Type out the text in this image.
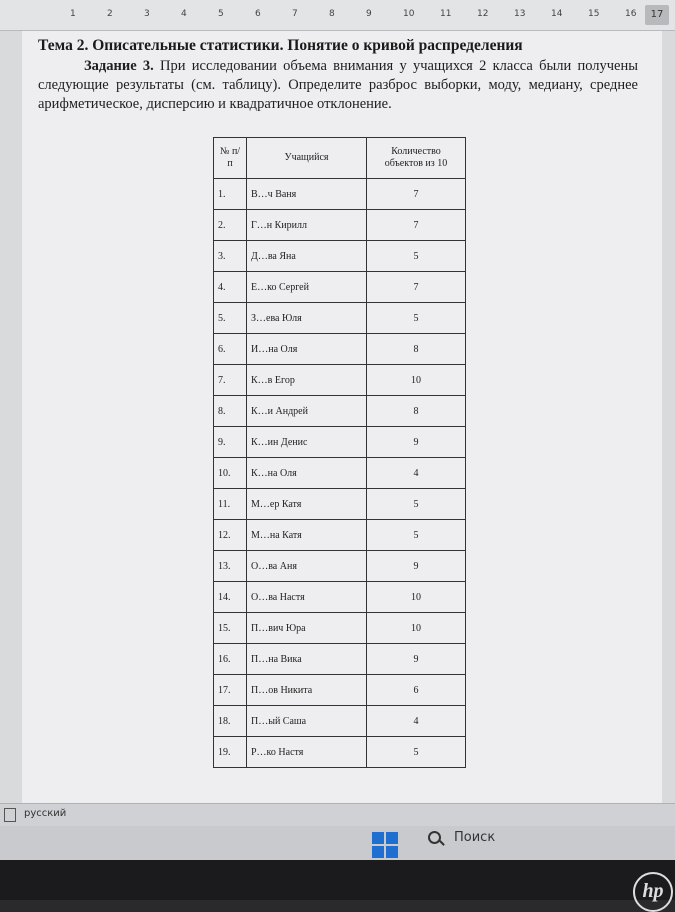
1	2	3	4	5	6	7	8	9	10	11	12	13	14	15	16	17
Тема 2. Описательные статистики. Понятие о кривой распределения
Задание 3. При исследовании объема внимания у учащихся 2 класса были получены следующие результаты (см. таблицу). Определите разброс выборки, моду, медиану, среднее арифметическое, дисперсию и квадратичное отклонение.
№ п/п	Учащийся	Количество объектов из 10
1.	В…ч Ваня	7
2.	Г…н Кирилл	7
3.	Д…ва Яна	5
4.	Е…ко Сергей	7
5.	З…ева Юля	5
6.	И…на Оля	8
7.	К…в Егор	10
8.	К…и Андрей	8
9.	К…ин Денис	9
10.	К…на Оля	4
11.	М…ер Катя	5
12.	М…на Катя	5
13.	О…ва Аня	9
14.	О…ва Настя	10
15.	П…вич Юра	10
16.	П…на Вика	9
17.	П…ов Никита	6
18.	П…ый Саша	4
19.	Р…ко Настя	5
русский
Поиск
hp
